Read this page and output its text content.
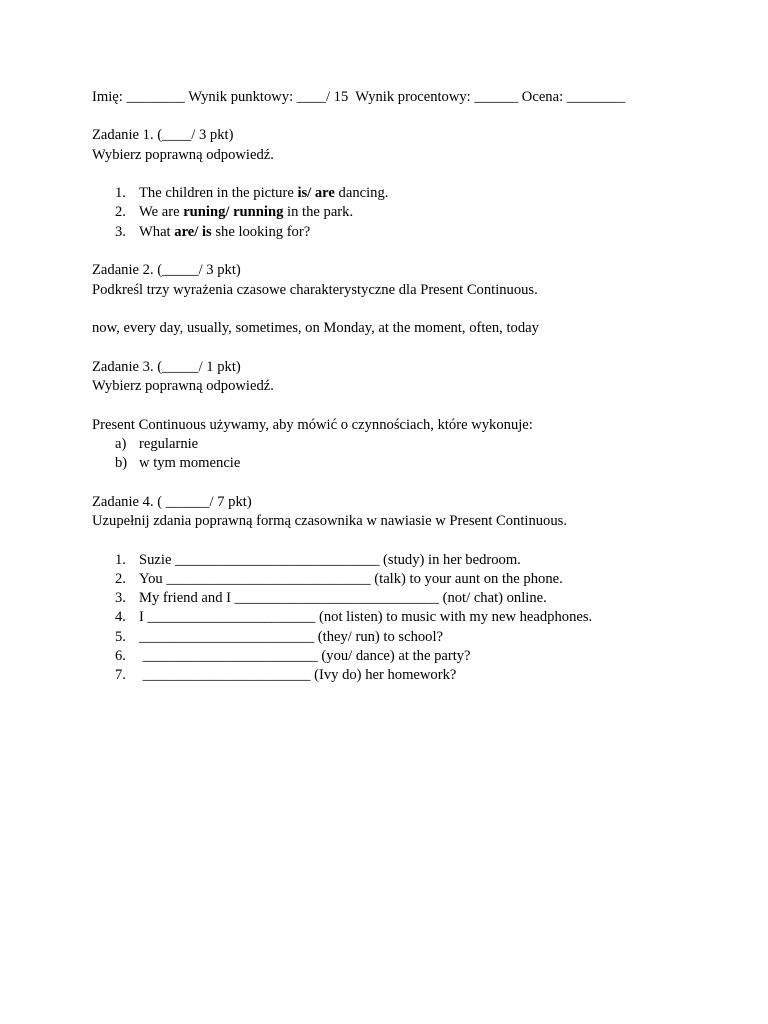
Imię: ________ Wynik punktowy: ____/ 15  Wynik procentowy: ______ Ocena: ________
Zadanie 1. (____/ 3 pkt)
Wybierz poprawną odpowiedź.
1. The children in the picture is/ are dancing.
2. We are runing/ running in the park.
3. What are/ is she looking for?
Zadanie 2. (_____/ 3 pkt)
Podkreśl trzy wyrażenia czasowe charakterystyczne dla Present Continuous.
now, every day, usually, sometimes, on Monday, at the moment, often, today
Zadanie 3. (_____/ 1 pkt)
Wybierz poprawną odpowiedź.
Present Continuous używamy, aby mówić o czynnościach, które wykonuje:
a) regularnie
b) w tym momencie
Zadanie 4. ( ______/ 7 pkt)
Uzupełnij zdania poprawną formą czasownika w nawiasie w Present Continuous.
1. Suzie ____________________________ (study) in her bedroom.
2. You ____________________________ (talk) to your aunt on the phone.
3. My friend and I ____________________________ (not/ chat) online.
4. I _______________________ (not listen) to music with my new headphones.
5. ________________________ (they/ run) to school?
6. ________________________ (you/ dance) at the party?
7. _______________________ (Ivy do) her homework?
